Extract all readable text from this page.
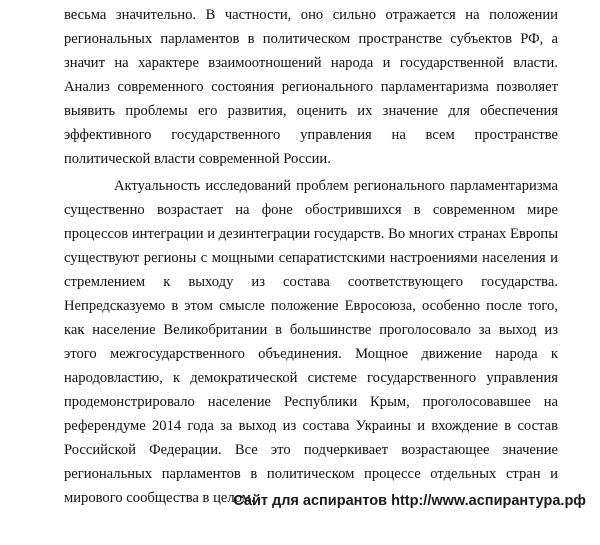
весьма значительно. В частности, оно сильно отражается на положении
региональных парламентов в политическом пространстве субъектов РФ, а
значит на характере взаимоотношений народа и государственной власти.
Анализ современного состояния регионального парламентаризма позволяет
выявить проблемы его развития, оценить их значение для обеспечения
эффективного государственного управления на всем пространстве
политической власти современной России.
Актуальность исследований проблем регионального парламентаризма
существенно возрастает на фоне обострившихся в современном мире
процессов интеграции и дезинтеграции государств. Во многих странах Европы
существуют регионы с мощными сепаратистскими настроениями населения и
стремлением к выходу из состава соответствующего государства.
Непредсказуемо в этом смысле положение Евросоюза, особенно после того,
как население Великобритании в большинстве проголосовало за выход из
этого межгосударственного объединения. Мощное движение народа к
народовластию, к демократической системе государственного управления
продемонстрировало население Республики Крым, проголосовавшее на
референдуме 2014 года за выход из состава Украины и вхождение в состав
Российской Федерации. Все это подчеркивает возрастающее значение
региональных парламентов в политическом процессе отдельных стран и
мирового сообщества в целом.
Сайт для аспирантов http://www.аспирантура.рф
